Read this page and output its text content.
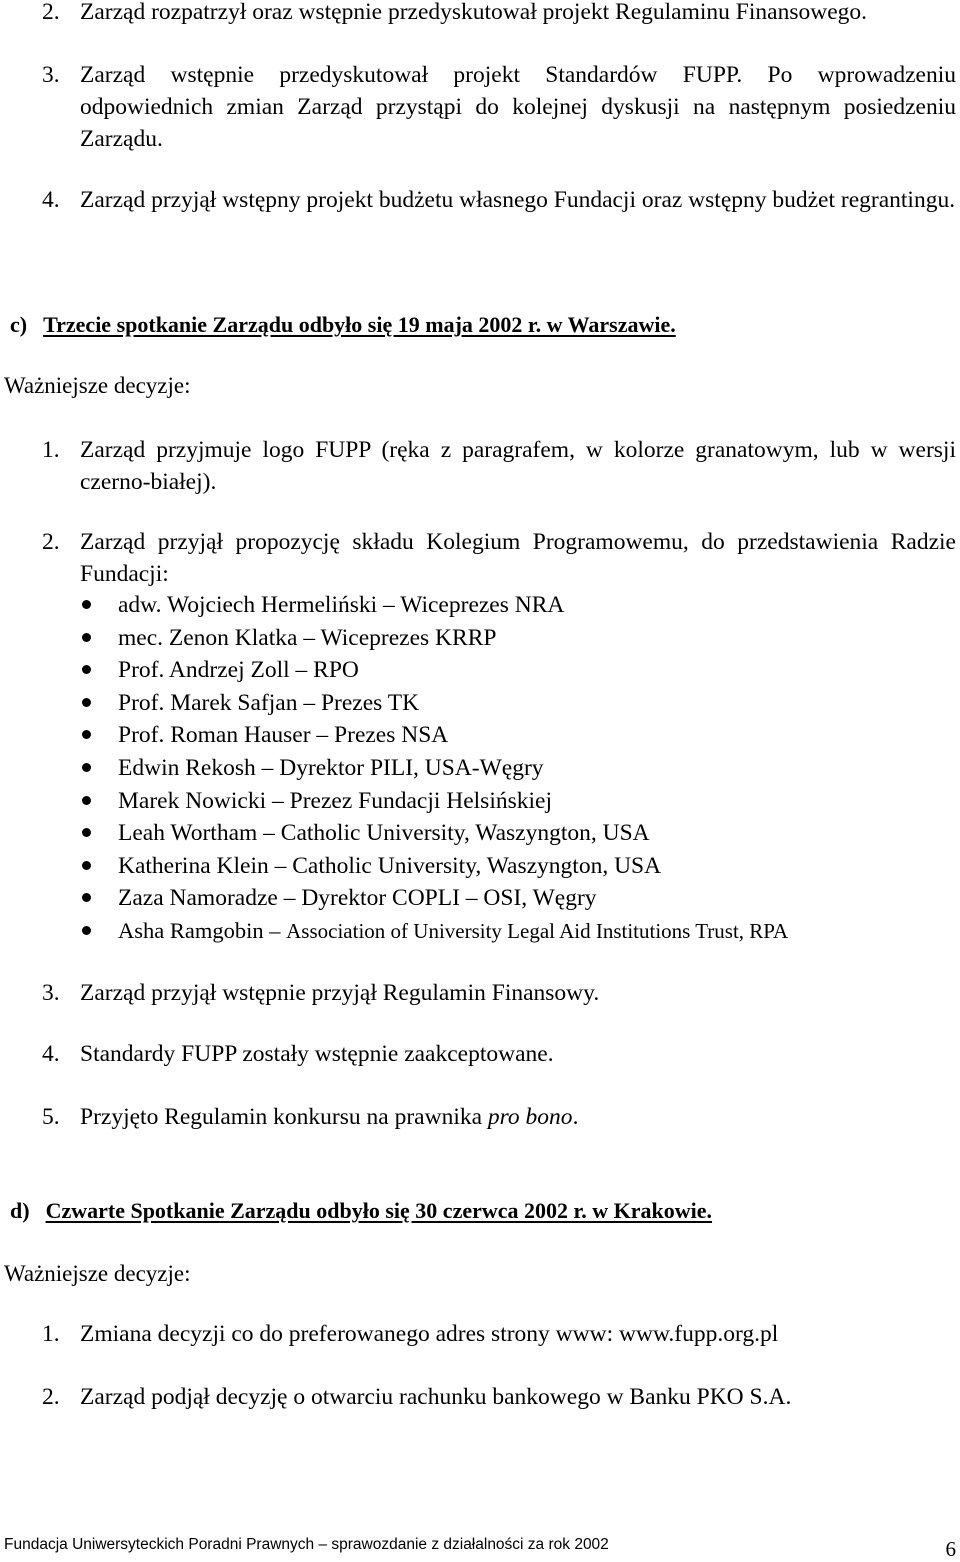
2. Zarząd rozpatrzył oraz wstępnie przedyskutował projekt Regulaminu Finansowego.
3. Zarząd wstępnie przedyskutował projekt Standardów FUPP. Po wprowadzeniu odpowiednich zmian Zarząd przystąpi do kolejnej dyskusji na następnym posiedzeniu Zarządu.
4. Zarząd przyjął wstępny projekt budżetu własnego Fundacji oraz wstępny budżet regrantingu.
c) Trzecie spotkanie Zarządu odbyło się 19 maja 2002 r. w Warszawie.
Ważniejsze decyzje:
1. Zarząd przyjmuje logo FUPP (ręka z paragrafem, w kolorze granatowym, lub w wersji czerno-białej).
2. Zarząd przyjął propozycję składu Kolegium Programowemu, do przedstawienia Radzie Fundacji:
adw. Wojciech Hermeliński – Wiceprezes NRA
mec. Zenon Klatka – Wiceprezes KRRP
Prof. Andrzej Zoll – RPO
Prof. Marek Safjan – Prezes TK
Prof. Roman Hauser – Prezes NSA
Edwin Rekosh – Dyrektor PILI, USA-Węgry
Marek Nowicki – Prezez Fundacji Helsińskiej
Leah Wortham – Catholic University, Waszyngton, USA
Katherina Klein – Catholic University, Waszyngton, USA
Zaza Namoradze – Dyrektor COPLI – OSI, Węgry
Asha Ramgobin – Association of University Legal Aid Institutions Trust, RPA
3. Zarząd przyjął wstępnie przyjął Regulamin Finansowy.
4. Standardy FUPP zostały wstępnie zaakceptowane.
5. Przyjęto Regulamin konkursu na prawnika pro bono.
d) Czwarte Spotkanie Zarządu odbyło się 30 czerwca 2002 r. w Krakowie.
Ważniejsze decyzje:
1. Zmiana decyzji co do preferowanego adres strony www: www.fupp.org.pl
2. Zarząd podjął decyzję o otwarciu rachunku bankowego w Banku PKO S.A.
Fundacja Uniwersyteckich Poradni Prawnych – sprawozdanie z działalności za rok 2002	6
